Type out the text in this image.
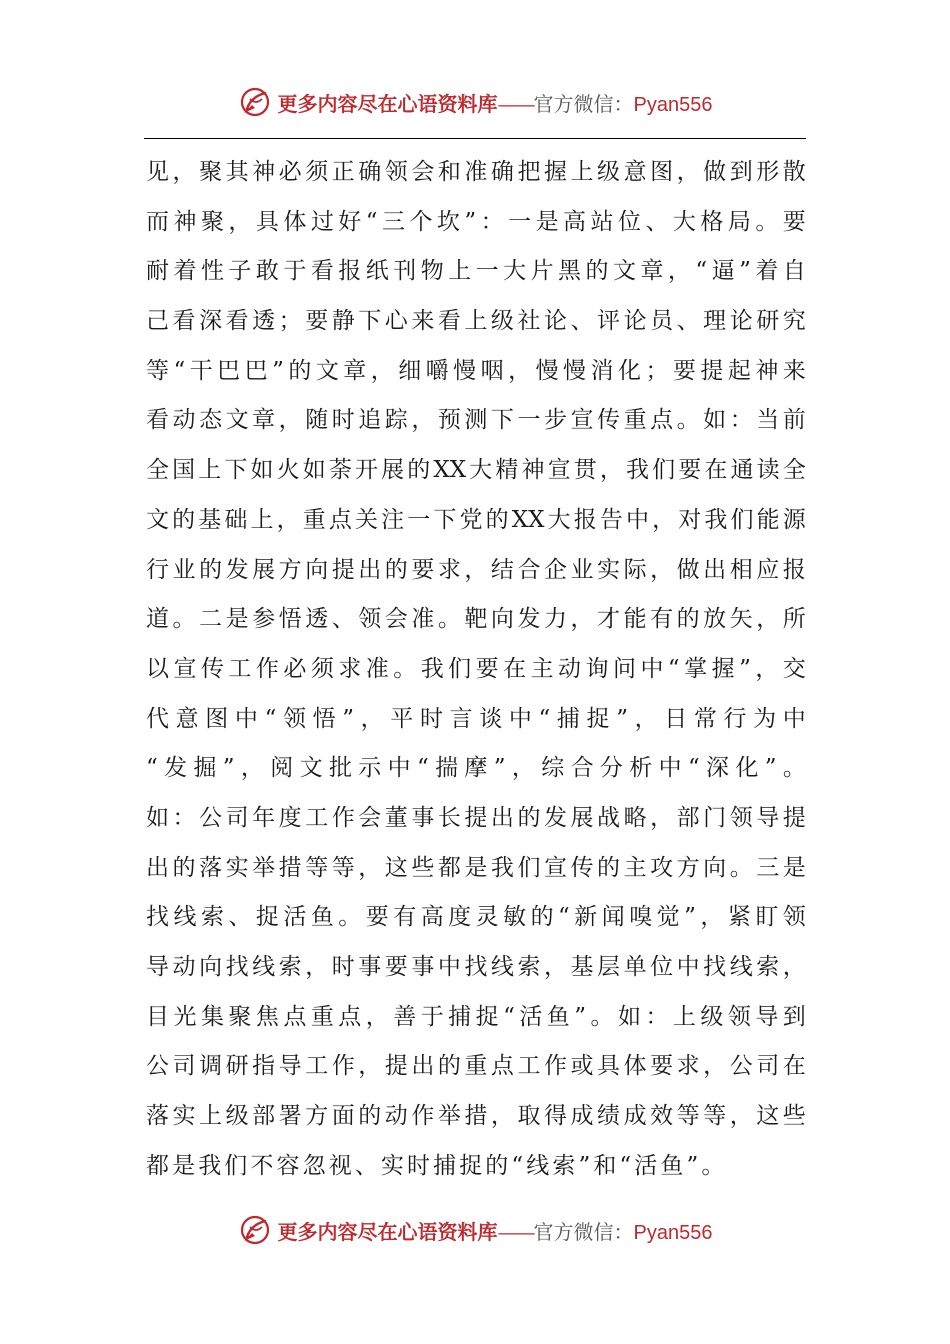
更多内容尽在心语资料库——官方微信：Pyan556
见 ， 聚 其 神 必 须 正 确 领 会 和 准 确 把 握 上 级 意 图 ， 做 到 形 散
而 神 聚 ， 具 体 过 好 “ 三 个 坎 ” ： 一 是 高 站 位 、 大 格 局 。 要
耐 着 性 子 敢 于 看 报 纸 刊 物 上 一 大 片 黑 的 文 章 ， “ 逼 ” 着 自
己 看 深 看 透 ； 要 静 下 心 来 看 上 级 社 论 、 评 论 员 、 理 论 研 究
等 “ 干 巴 巴 ” 的 文 章 ， 细 嚼 慢 咽 ， 慢 慢 消 化 ； 要 提 起 神 来
看 动 态 文 章 ， 随 时 追 踪 ， 预 测 下 一 步 宣 传 重 点 。 如 ： 当 前
全 国 上 下 如 火 如 荼 开 展 的 XX 大 精 神 宣 贯 ， 我 们 要 在 通 读 全
文 的 基 础 上 ， 重 点 关 注 一 下 党 的 XX 大 报 告 中 ， 对 我 们 能 源
行 业 的 发 展 方 向 提 出 的 要 求 ， 结 合 企 业 实 际 ， 做 出 相 应 报
道 。 二 是 参 悟 透 、 领 会 准 。 靶 向 发 力 ， 才 能 有 的 放 矢 ， 所
以 宣 传 工 作 必 须 求 准 。 我 们 要 在 主 动 询 问 中 “ 掌 握 ” ， 交
代 意 图 中 “ 领 悟 ” ， 平 时 言 谈 中 “ 捕 捉 ” ， 日 常 行 为 中
“ 发 掘 ” ， 阅 文 批 示 中 “ 揣 摩 ” ， 综 合 分 析 中 “ 深 化 ” 。
如 ： 公 司 年 度 工 作 会 董 事 长 提 出 的 发 展 战 略 ， 部 门 领 导 提
出 的 落 实 举 措 等 等 ， 这 些 都 是 我 们 宣 传 的 主 攻 方 向 。 三 是
找 线 索 、 捉 活 鱼 。 要 有 高 度 灵 敏 的 “ 新 闻 嗅 觉 ” ， 紧 盯 领
导 动 向 找 线 索 ， 时 事 要 事 中 找 线 索 ， 基 层 单 位 中 找 线 索 ，
目 光 集 聚 焦 点 重 点 ， 善 于 捕 捉 “ 活 鱼 ” 。 如 ： 上 级 领 导 到
公 司 调 研 指 导 工 作 ， 提 出 的 重 点 工 作 或 具 体 要 求 ， 公 司 在
落 实 上 级 部 署 方 面 的 动 作 举 措 ， 取 得 成 绩 成 效 等 等 ， 这 些
都是我们不容忽视、实时捕捉的“线索”和“活鱼”。
更多内容尽在心语资料库——官方微信：Pyan556
